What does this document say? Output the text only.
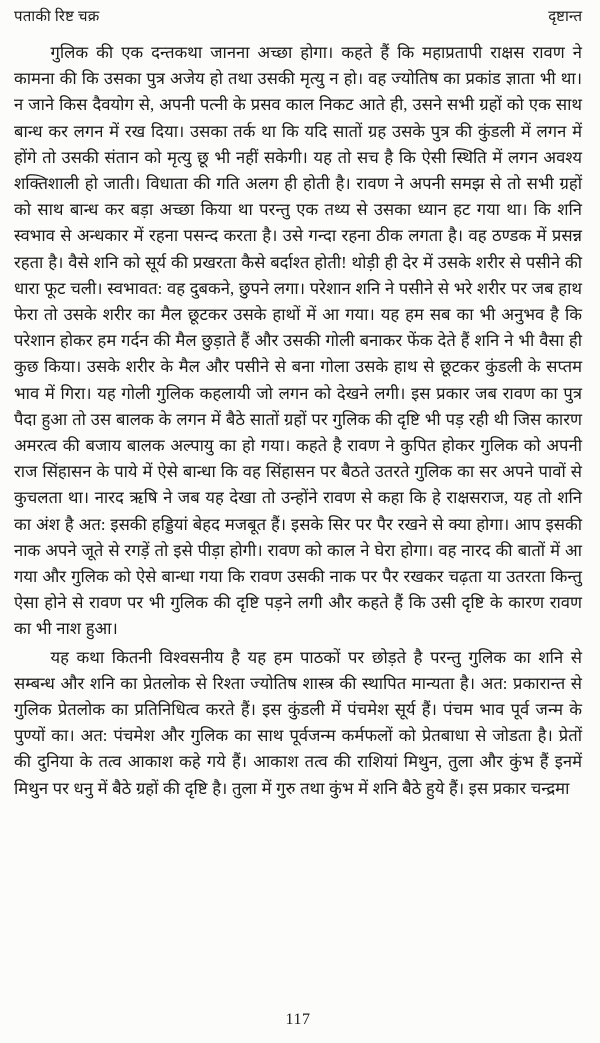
पताकी रिष्ट चक्र	दृष्टान्त

गुलिक की एक दन्तकथा जानना अच्छा होगा। कहते हैं कि महाप्रतापी राक्षस रावण ने कामना की कि उसका पुत्र अजेय हो तथा उसकी मृत्यु न हो। वह ज्योतिष का प्रकांड ज्ञाता भी था। न जाने किस दैवयोग से, अपनी पत्नी के प्रसव काल निकट आते ही, उसने सभी ग्रहों को एक साथ बान्ध कर लगन में रख दिया। उसका तर्क था कि यदि सातों ग्रह उसके पुत्र की कुंडली में लगन में होंगे तो उसकी संतान को मृत्यु छू भी नहीं सकेगी। यह तो सच है कि ऐसी स्थिति में लगन अवश्य शक्तिशाली हो जाती। विधाता की गति अलग ही होती है। रावण ने अपनी समझ से तो सभी ग्रहों को साथ बान्ध कर बड़ा अच्छा किया था परन्तु एक तथ्य से उसका ध्यान हट गया था। कि शनि स्वभाव से अन्धकार में रहना पसन्द करता है। उसे गन्दा रहना ठीक लगता है। वह ठण्डक में प्रसन्न रहता है। वैसे शनि को सूर्य की प्रखरता कैसे बर्दाश्त होती! थोड़ी ही देर में उसके शरीर से पसीने की धारा फूट चली। स्वभावत: वह दुबकने, छुपने लगा। परेशान शनि ने पसीने से भरे शरीर पर जब हाथ फेरा तो उसके शरीर का मैल छूटकर उसके हाथों में आ गया। यह हम सब का भी अनुभव है कि परेशान होकर हम गर्दन की मैल छुड़ाते हैं और उसकी गोली बनाकर फेंक देते हैं शनि ने भी वैसा ही कुछ किया। उसके शरीर के मैल और पसीने से बना गोला उसके हाथ से छूटकर कुंडली के सप्तम भाव में गिरा। यह गोली गुलिक कहलायी जो लगन को देखने लगी। इस प्रकार जब रावण का पुत्र पैदा हुआ तो उस बालक के लगन में बैठे सातों ग्रहों पर गुलिक की दृष्टि भी पड़ रही थी जिस कारण अमरत्व की बजाय बालक अल्पायु का हो गया। कहते है रावण ने कुपित होकर गुलिक को अपनी राज सिंहासन के पाये में ऐसे बान्धा कि वह सिंहासन पर बैठते उतरते गुलिक का सर अपने पावों से कुचलता था। नारद ऋषि ने जब यह देखा तो उन्होंने रावण से कहा कि हे राक्षसराज, यह तो शनि का अंश है अत: इसकी हड्डियां बेहद मजबूत हैं। इसके सिर पर पैर रखने से क्या होगा। आप इसकी नाक अपने जूते से रगड़ें तो इसे पीड़ा होगी। रावण को काल ने घेरा होगा। वह नारद की बातों में आ गया और गुलिक को ऐसे बान्धा गया कि रावण उसकी नाक पर पैर रखकर चढ़ता या उतरता किन्तु ऐसा होने से रावण पर भी गुलिक की दृष्टि पड़ने लगी और कहते हैं कि उसी दृष्टि के कारण रावण का भी नाश हुआ।

यह कथा कितनी विश्वसनीय है यह हम पाठकों पर छोड़ते है परन्तु गुलिक का शनि से सम्बन्ध और शनि का प्रेतलोक से रिश्ता ज्योतिष शास्त्र की स्थापित मान्यता है। अत: प्रकारान्त से गुलिक प्रेतलोक का प्रतिनिधित्व करते हैं। इस कुंडली में पंचमेश सूर्य हैं। पंचम भाव पूर्व जन्म के पुण्यों का। अत: पंचमेश और गुलिक का साथ पूर्वजन्म कर्मफलों को प्रेतबाधा से जोडता है। प्रेतों की दुनिया के तत्व आकाश कहे गये हैं। आकाश तत्व की राशियां मिथुन, तुला और कुंभ हैं इनमें मिथुन पर धनु में बैठे ग्रहों की दृष्टि है। तुला में गुरु तथा कुंभ में शनि बैठे हुये हैं। इस प्रकार चन्द्रमा

117
